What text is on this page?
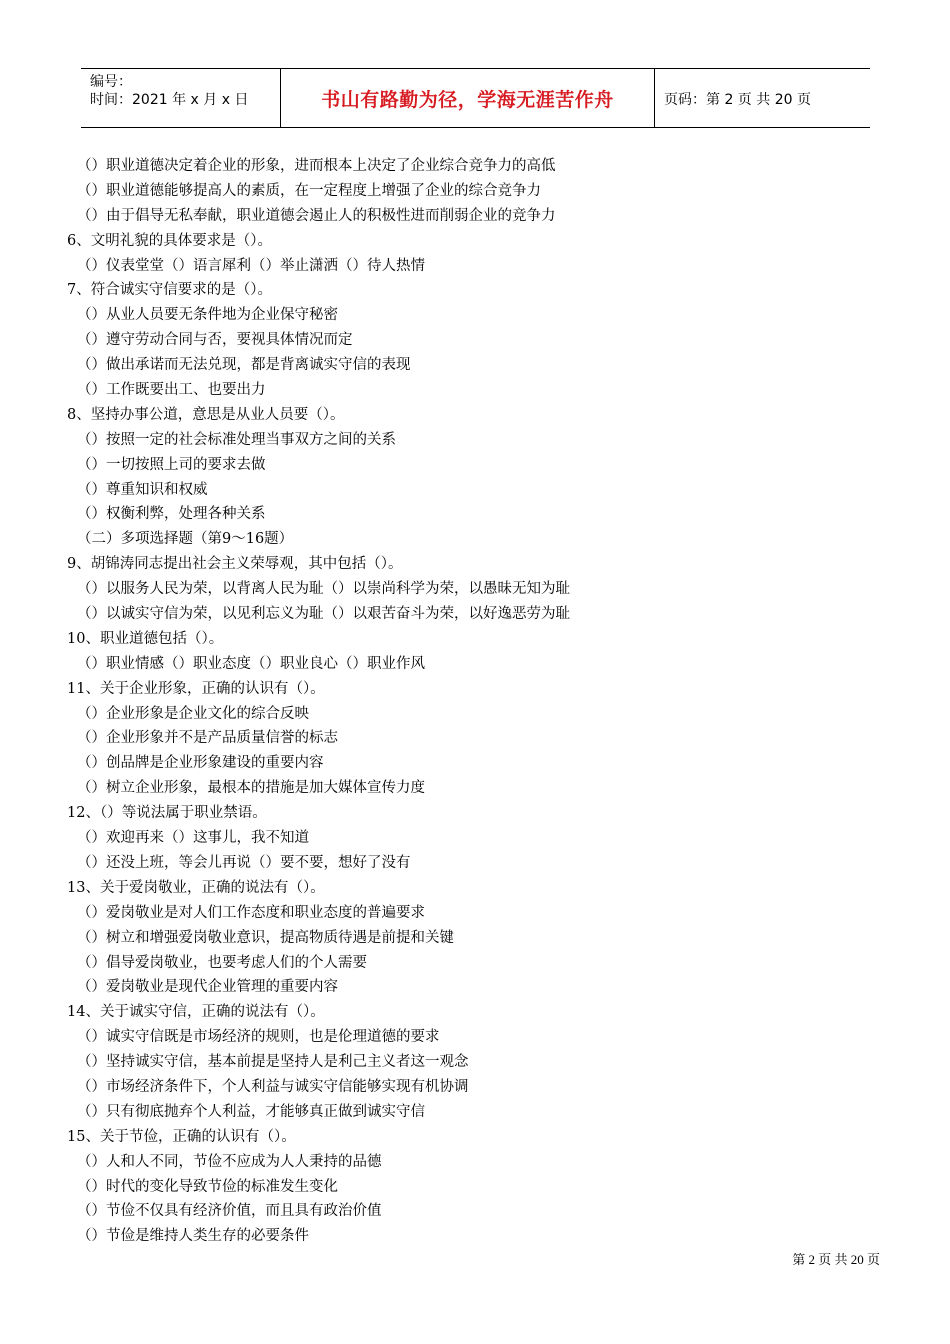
编号：
时间：2021 年 x 月 x 日	书山有路勤为径，学海无涯苦作舟	页码：第 2 页 共 20 页
（）职业道德决定着企业的形象，进而根本上决定了企业综合竞争力的高低
（）职业道德能够提高人的素质，在一定程度上增强了企业的综合竞争力
（）由于倡导无私奉献，职业道德会遏止人的积极性进而削弱企业的竞争力
6、文明礼貌的具体要求是（）。
（）仪表堂堂（）语言犀利（）举止潇洒（）待人热情
7、符合诚实守信要求的是（）。
（）从业人员要无条件地为企业保守秘密
（）遵守劳动合同与否，要视具体情况而定
（）做出承诺而无法兑现，都是背离诚实守信的表现
（）工作既要出工、也要出力
8、坚持办事公道，意思是从业人员要（）。
（）按照一定的社会标准处理当事双方之间的关系
（）一切按照上司的要求去做
（）尊重知识和权威
（）权衡利弊，处理各种关系
（二）多项选择题（第9～16题）
9、胡锦涛同志提出社会主义荣辱观，其中包括（）。
（）以服务人民为荣，以背离人民为耻（）以崇尚科学为荣，以愚昧无知为耻
（）以诚实守信为荣，以见利忘义为耻（）以艰苦奋斗为荣，以好逸恶劳为耻
10、职业道德包括（）。
（）职业情感（）职业态度（）职业良心（）职业作风
11、关于企业形象，正确的认识有（）。
（）企业形象是企业文化的综合反映
（）企业形象并不是产品质量信誉的标志
（）创品牌是企业形象建设的重要内容
（）树立企业形象，最根本的措施是加大媒体宣传力度
12、（）等说法属于职业禁语。
（）欢迎再来（）这事儿，我不知道
（）还没上班，等会儿再说（）要不要，想好了没有
13、关于爱岗敬业，正确的说法有（）。
（）爱岗敬业是对人们工作态度和职业态度的普遍要求
（）树立和增强爱岗敬业意识，提高物质待遇是前提和关键
（）倡导爱岗敬业，也要考虑人们的个人需要
（）爱岗敬业是现代企业管理的重要内容
14、关于诚实守信，正确的说法有（）。
（）诚实守信既是市场经济的规则，也是伦理道德的要求
（）坚持诚实守信，基本前提是坚持人是利己主义者这一观念
（）市场经济条件下，个人利益与诚实守信能够实现有机协调
（）只有彻底抛弃个人利益，才能够真正做到诚实守信
15、关于节俭，正确的认识有（）。
（）人和人不同，节俭不应成为人人秉持的品德
（）时代的变化导致节俭的标准发生变化
（）节俭不仅具有经济价值，而且具有政治价值
（）节俭是维持人类生存的必要条件
第 2 页 共 20 页
